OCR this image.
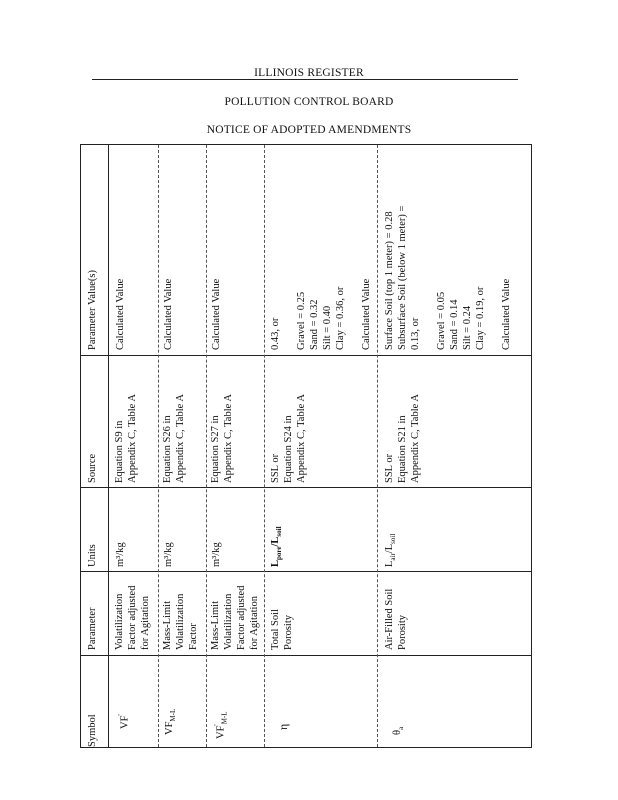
ILLINOIS REGISTER
POLLUTION CONTROL BOARD
NOTICE OF ADOPTED AMENDMENTS
Symbol
Parameter
Units
Source
Parameter Value(s)
VF'
Volatilization Factor adjusted for Agitation
m³/kg
Equation S9 in Appendix C, Table A
Calculated Value
$VF_{M-L}$
Mass-Limit Volatilization Factor
m³/kg
Equation S26 in Appendix C, Table A
Calculated Value
$VF'_{M-L}$
Mass-Limit Volatilization Factor adjusted for Agitation
m³/kg
Equation S27 in Appendix C, Table A
Calculated Value
η
Total Soil Porosity
$L_{pore}/L_{soil}$
SSL or Equation S24 in Appendix C, Table A
0.43, or
Gravel = 0.25 Sand = 0.32 Silt = 0.40 Clay = 0.36, or
Calculated Value
$\theta_a$
Air-Filled Soil Porosity
$L_{air}/L_{soil}$
SSL or Equation S21 in Appendix C, Table A
Surface Soil (top 1 meter) = 0.28 Subsurface Soil (below 1 meter) = 0.13, or
Gravel = 0.05 Sand = 0.14 Silt = 0.24 Clay = 0.19, or
Calculated Value
